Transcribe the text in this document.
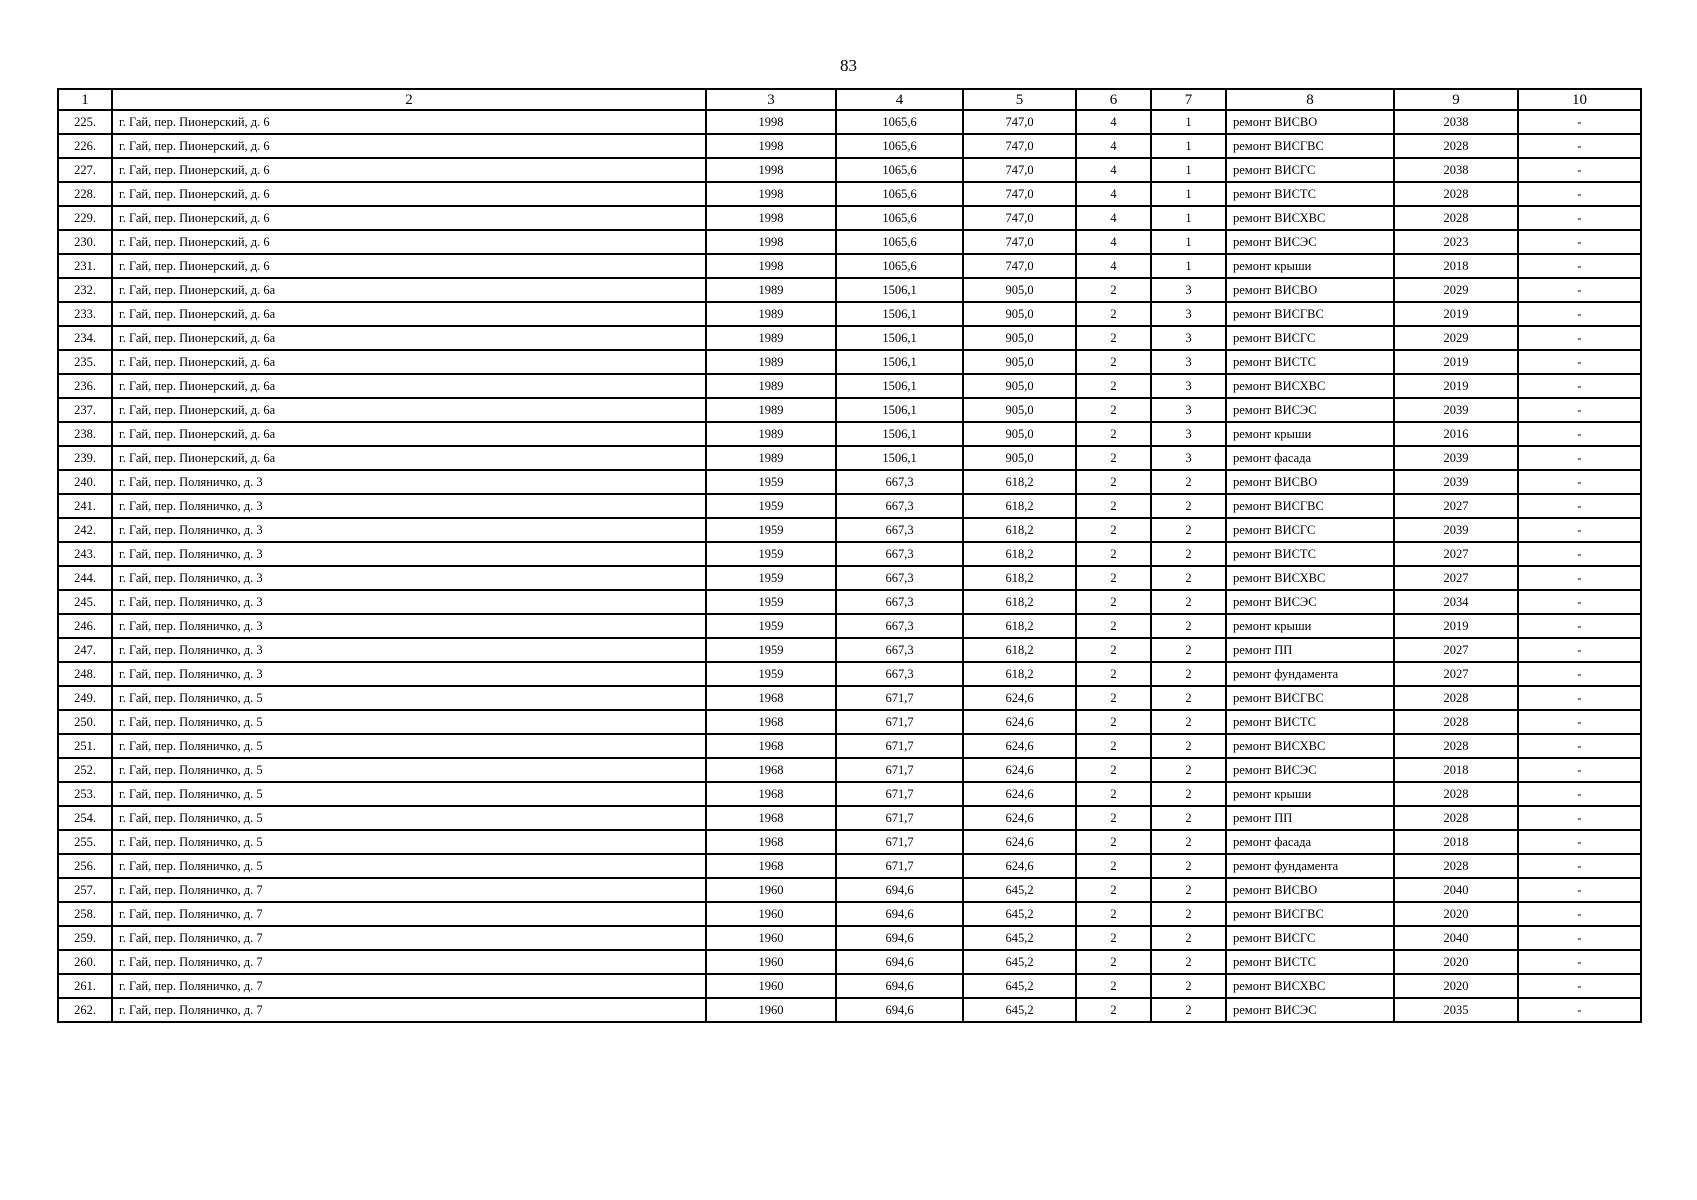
83
1	2	3	4	5	6	7	8	9	10
225.	г. Гай, пер. Пионерский, д. 6	1998	1065,6	747,0	4	1	ремонт ВИСВО	2038	-
226.	г. Гай, пер. Пионерский, д. 6	1998	1065,6	747,0	4	1	ремонт ВИСГВС	2028	-
227.	г. Гай, пер. Пионерский, д. 6	1998	1065,6	747,0	4	1	ремонт ВИСГС	2038	-
228.	г. Гай, пер. Пионерский, д. 6	1998	1065,6	747,0	4	1	ремонт ВИСТС	2028	-
229.	г. Гай, пер. Пионерский, д. 6	1998	1065,6	747,0	4	1	ремонт ВИСХВС	2028	-
230.	г. Гай, пер. Пионерский, д. 6	1998	1065,6	747,0	4	1	ремонт ВИСЭС	2023	-
231.	г. Гай, пер. Пионерский, д. 6	1998	1065,6	747,0	4	1	ремонт крыши	2018	-
232.	г. Гай, пер. Пионерский, д. 6а	1989	1506,1	905,0	2	3	ремонт ВИСВО	2029	-
233.	г. Гай, пер. Пионерский, д. 6а	1989	1506,1	905,0	2	3	ремонт ВИСГВС	2019	-
234.	г. Гай, пер. Пионерский, д. 6а	1989	1506,1	905,0	2	3	ремонт ВИСГС	2029	-
235.	г. Гай, пер. Пионерский, д. 6а	1989	1506,1	905,0	2	3	ремонт ВИСТС	2019	-
236.	г. Гай, пер. Пионерский, д. 6а	1989	1506,1	905,0	2	3	ремонт ВИСХВС	2019	-
237.	г. Гай, пер. Пионерский, д. 6а	1989	1506,1	905,0	2	3	ремонт ВИСЭС	2039	-
238.	г. Гай, пер. Пионерский, д. 6а	1989	1506,1	905,0	2	3	ремонт крыши	2016	-
239.	г. Гай, пер. Пионерский, д. 6а	1989	1506,1	905,0	2	3	ремонт фасада	2039	-
240.	г. Гай, пер. Поляничко, д. 3	1959	667,3	618,2	2	2	ремонт ВИСВО	2039	-
241.	г. Гай, пер. Поляничко, д. 3	1959	667,3	618,2	2	2	ремонт ВИСГВС	2027	-
242.	г. Гай, пер. Поляничко, д. 3	1959	667,3	618,2	2	2	ремонт ВИСГС	2039	-
243.	г. Гай, пер. Поляничко, д. 3	1959	667,3	618,2	2	2	ремонт ВИСТС	2027	-
244.	г. Гай, пер. Поляничко, д. 3	1959	667,3	618,2	2	2	ремонт ВИСХВС	2027	-
245.	г. Гай, пер. Поляничко, д. 3	1959	667,3	618,2	2	2	ремонт ВИСЭС	2034	-
246.	г. Гай, пер. Поляничко, д. 3	1959	667,3	618,2	2	2	ремонт крыши	2019	-
247.	г. Гай, пер. Поляничко, д. 3	1959	667,3	618,2	2	2	ремонт ПП	2027	-
248.	г. Гай, пер. Поляничко, д. 3	1959	667,3	618,2	2	2	ремонт фундамента	2027	-
249.	г. Гай, пер. Поляничко, д. 5	1968	671,7	624,6	2	2	ремонт ВИСГВС	2028	-
250.	г. Гай, пер. Поляничко, д. 5	1968	671,7	624,6	2	2	ремонт ВИСТС	2028	-
251.	г. Гай, пер. Поляничко, д. 5	1968	671,7	624,6	2	2	ремонт ВИСХВС	2028	-
252.	г. Гай, пер. Поляничко, д. 5	1968	671,7	624,6	2	2	ремонт ВИСЭС	2018	-
253.	г. Гай, пер. Поляничко, д. 5	1968	671,7	624,6	2	2	ремонт крыши	2028	-
254.	г. Гай, пер. Поляничко, д. 5	1968	671,7	624,6	2	2	ремонт ПП	2028	-
255.	г. Гай, пер. Поляничко, д. 5	1968	671,7	624,6	2	2	ремонт фасада	2018	-
256.	г. Гай, пер. Поляничко, д. 5	1968	671,7	624,6	2	2	ремонт фундамента	2028	-
257.	г. Гай, пер. Поляничко, д. 7	1960	694,6	645,2	2	2	ремонт ВИСВО	2040	-
258.	г. Гай, пер. Поляничко, д. 7	1960	694,6	645,2	2	2	ремонт ВИСГВС	2020	-
259.	г. Гай, пер. Поляничко, д. 7	1960	694,6	645,2	2	2	ремонт ВИСГС	2040	-
260.	г. Гай, пер. Поляничко, д. 7	1960	694,6	645,2	2	2	ремонт ВИСТС	2020	-
261.	г. Гай, пер. Поляничко, д. 7	1960	694,6	645,2	2	2	ремонт ВИСХВС	2020	-
262.	г. Гай, пер. Поляничко, д. 7	1960	694,6	645,2	2	2	ремонт ВИСЭС	2035	-
